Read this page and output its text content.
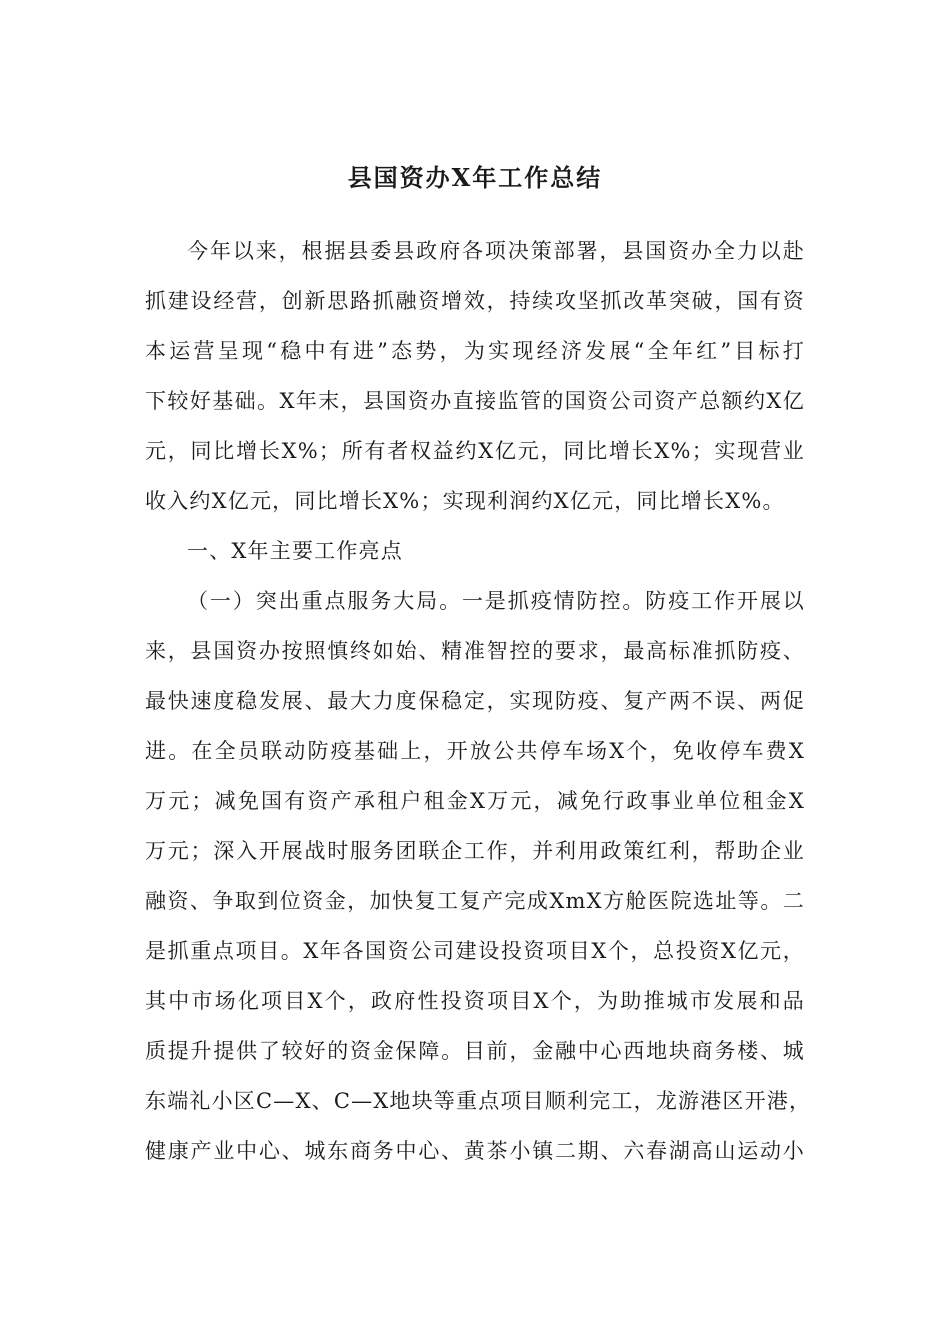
县国资办X年工作总结
今年以来，根据县委县政府各项决策部署，县国资办全力以赴
抓建设经营，创新思路抓融资增效，持续攻坚抓改革突破，国有资
本运营呈现“稳中有进”态势，为实现经济发展“全年红”目标打
下较好基础。X年末，县国资办直接监管的国资公司资产总额约X亿
元，同比增长X%；所有者权益约X亿元，同比增长X%；实现营业
收入约X亿元，同比增长X%；实现利润约X亿元，同比增长X%。
一、X年主要工作亮点
（一）突出重点服务大局。一是抓疫情防控。防疫工作开展以
来，县国资办按照慎终如始、精准智控的要求，最高标准抓防疫、
最快速度稳发展、最大力度保稳定，实现防疫、复产两不误、两促
进。在全员联动防疫基础上，开放公共停车场X个，免收停车费X
万元；减免国有资产承租户租金X万元，减免行政事业单位租金X
万元；深入开展战时服务团联企工作，并利用政策红利，帮助企业
融资、争取到位资金，加快复工复产完成XmX方舱医院选址等。二
是抓重点项目。X年各国资公司建设投资项目X个，总投资X亿元，
其中市场化项目X个，政府性投资项目X个，为助推城市发展和品
质提升提供了较好的资金保障。目前，金融中心西地块商务楼、城
东端礼小区C—X、C—X地块等重点项目顺利完工，龙游港区开港，
健康产业中心、城东商务中心、黄茶小镇二期、六春湖高山运动小
